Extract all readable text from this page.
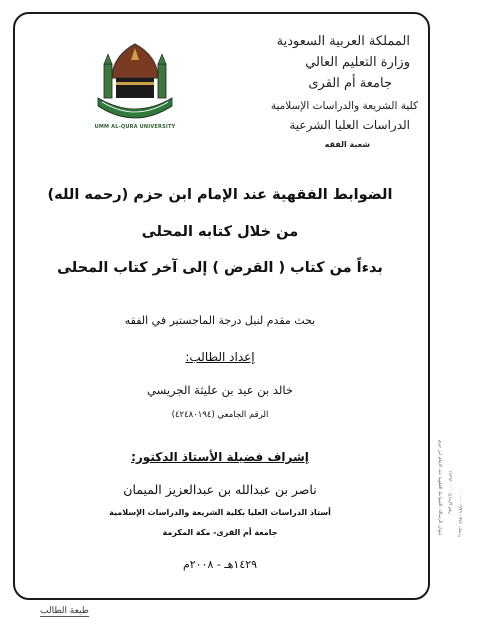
UMM AL-QURA UNIVERSITY
المملكة العربية السعودية
وزارة التعليم العالي
جامعة أم القرى
كلية الشريعة والدراسات الإسلامية
الدراسات العليا الشرعية
شعبة الفقه
الضوابط الفقهية عند الإمام ابن حزم (رحمه الله)
من خلال كتابه المحلى
بدءاً من كتاب ( القرض ) إلى آخر كتاب المحلى
بحث مقدم لنيل درجة الماجستير في الفقه
إعداد الطالب:
خالد بن عيد بن عليثة الجريسي
الرقم الجامعي (٤٢٤٨٠١٩٤)
إشراف فضيلة الأستاذ الدكتور:
ناصر بن عبدالله بن عبدالعزيز الميمان
أستاذ الدراسات العليا بكلية الشريعة والدراسات الإسلامية
جامعة أم القرى- مكة المكرمة
١٤٢٩هـ - ٢٠٠٨م
طبعة الطالب
عنوان الرسالة: الضوابط الفقهية عند الإمام ابن حزم رقم الإيداع: ١٤٢٩/٠٠٠٠ ردمك: ٩٧٨-٩٩٦٠-٠٠-٠٠٠
